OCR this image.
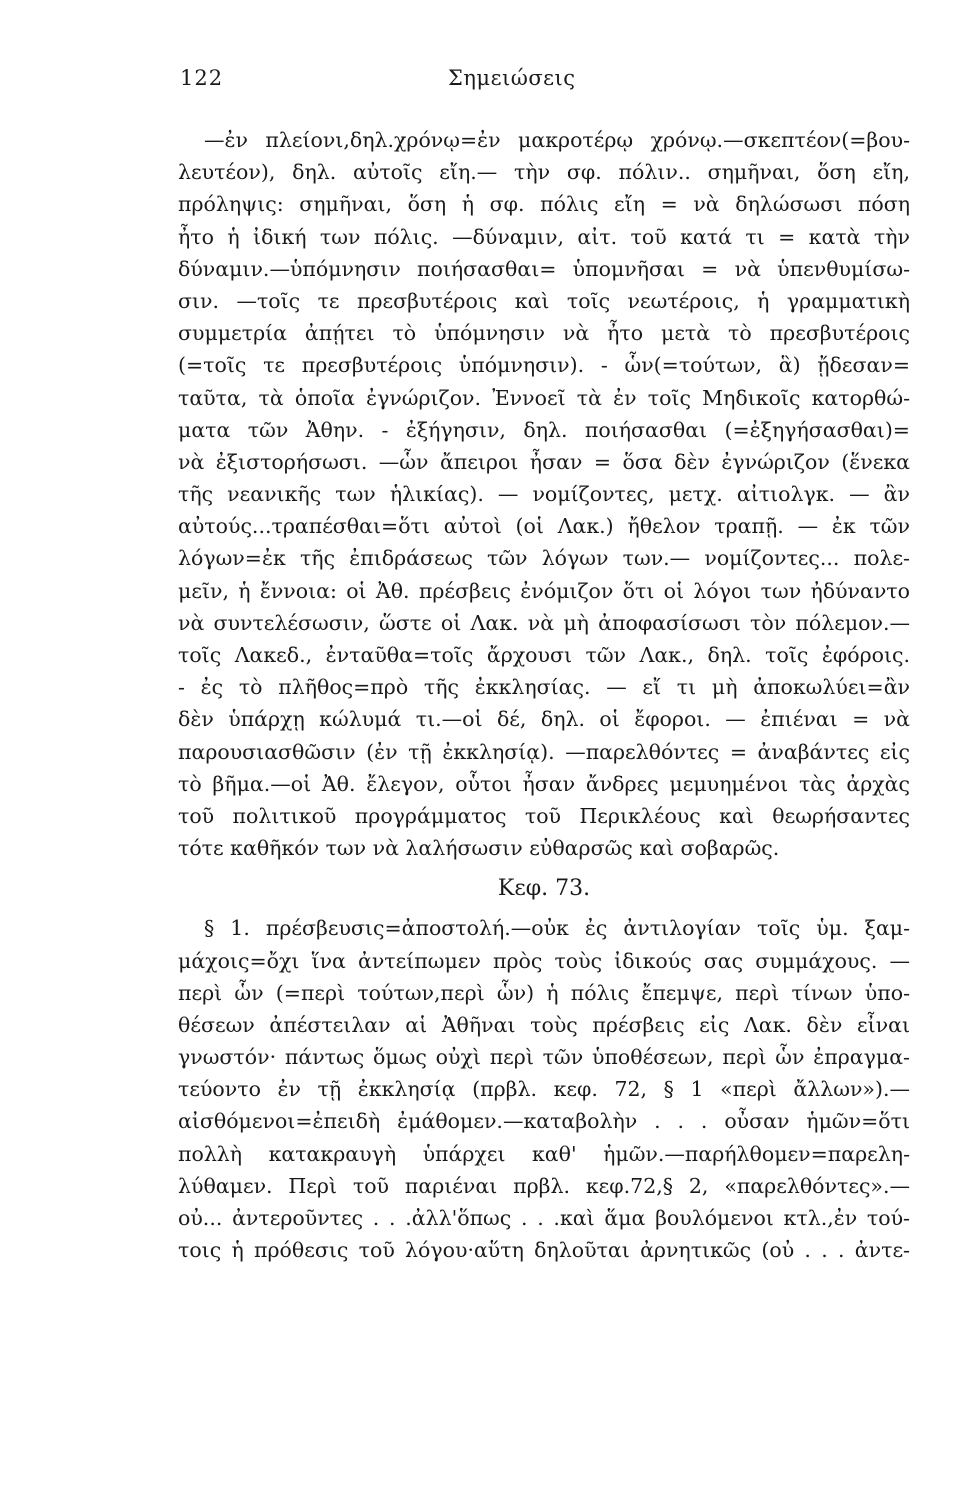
122	Σημειώσεις
—ἐν πλείονι,δηλ.χρόνῳ=ἐν μακροτέρῳ χρόνῳ.—σκεπτέον(=βου-
λευτέον), δηλ. αὐτοῖς εἴη.— τὴν σφ. πόλιν.. σημῆναι, ὅση εἴη,
πρόληψις: σημῆναι, ὅση ἡ σφ. πόλις εἴη = νὰ δηλώσωσι πόση
ἦτο ἡ ἰδική των πόλις. —δύναμιν, αἰτ. τοῦ κατά τι = κατὰ τὴν
δύναμιν.—ὑπόμνησιν ποιήσασθαι= ὑπομνῆσαι = νὰ ὑπενθυμίσω-
σιν. —τοῖς τε πρεσβυτέροις καὶ τοῖς νεωτέροις, ἡ γραμματικὴ
συμμετρία ἀπῄτει τὸ ὑπόμνησιν νὰ ἦτο μετὰ τὸ πρεσβυτέροις
(=τοῖς τε πρεσβυτέροις ὑπόμνησιν). - ὧν(=τούτων, ἃ) ᾔδεσαν=
ταῦτα, τὰ ὁποῖα ἐγνώριζον. Ἐννοεῖ τὰ ἐν τοῖς Μηδικοῖς κατορθώ-
ματα τῶν Ἀθην. - ἐξήγησιν, δηλ. ποιήσασθαι (=ἐξηγήσασθαι)=
νὰ ἐξιστορήσωσι. —ὧν ἄπειροι ἦσαν = ὅσα δὲν ἐγνώριζον (ἕνεκα
τῆς νεανικῆς των ἡλικίας). — νομίζοντες, μετχ. αἰτιολγκ. — ἂν
αὐτούς...τραπέσθαι=ὅτι αὐτοὶ (οἱ Λακ.) ἤθελον τραπῇ. — ἐκ τῶν
λόγων=ἐκ τῆς ἐπιδράσεως τῶν λόγων των.— νομίζοντες... πολε-
μεῖν, ἡ ἔννοια: οἱ Ἀθ. πρέσβεις ἐνόμιζον ὅτι οἱ λόγοι των ἠδύναντο
νὰ συντελέσωσιν, ὥστε οἱ Λακ. νὰ μὴ ἀποφασίσωσι τὸν πόλεμον.—
τοῖς Λακεδ., ἐνταῦθα=τοῖς ἄρχουσι τῶν Λακ., δηλ. τοῖς ἐφόροις.
- ἐς τὸ πλῆθος=πρὸ τῆς ἐκκλησίας. — εἴ τι μὴ ἀποκωλύει=ἂν
δὲν ὑπάρχῃ κώλυμά τι.—οἱ δέ, δηλ. οἱ ἔφοροι. — ἐπιέναι = νὰ
παρουσιασθῶσιν (ἐν τῇ ἐκκλησίᾳ). —παρελθόντες = ἀναβάντες εἰς
τὸ βῆμα.—οἱ Ἀθ. ἔλεγον, οὗτοι ἦσαν ἄνδρες μεμυημένοι τὰς ἀρχὰς
τοῦ πολιτικοῦ προγράμματος τοῦ Περικλέους καὶ θεωρήσαντες
τότε καθῆκόν των νὰ λαλήσωσιν εὐθαρσῶς καὶ σοβαρῶς.
Κεφ. 73.
§ 1. πρέσβευσις=ἀποστολή.—οὐκ ἐς ἀντιλογίαν τοῖς ὑμ. ξαμ-
μάχοις=ὄχι ἵνα ἀντείπωμεν πρὸς τοὺς ἰδικούς σας συμμάχους. —
περὶ ὧν (=περὶ τούτων,περὶ ὧν) ἡ πόλις ἔπεμψε, περὶ τίνων ὑπο-
θέσεων ἀπέστειλαν αἱ Ἀθῆναι τοὺς πρέσβεις εἰς Λακ. δὲν εἶναι
γνωστόν· πάντως ὅμως οὐχὶ περὶ τῶν ὑποθέσεων, περὶ ὧν ἐπραγμα-
τεύοντο ἐν τῇ ἐκκλησίᾳ (πρβλ. κεφ. 72, § 1 «περὶ ἄλλων»).—
αἰσθόμενοι=ἐπειδὴ ἐμάθομεν.—καταβολὴν . . . οὖσαν ἡμῶν=ὅτι
πολλὴ κατακραυγὴ ὑπάρχει καθ' ἡμῶν.—παρήλθομεν=παρελη-
λύθαμεν. Περὶ τοῦ παριέναι πρβλ. κεφ.72,§ 2, «παρελθόντες».—
οὐ... ἀντεροῦντες . . .ἀλλ'ὅπως . . .καὶ ἅμα βουλόμενοι κτλ.,ἐν τού-
τοις ἡ πρόθεσις τοῦ λόγου·αὕτη δηλοῦται ἀρνητικῶς (οὐ . . . ἀντε-
